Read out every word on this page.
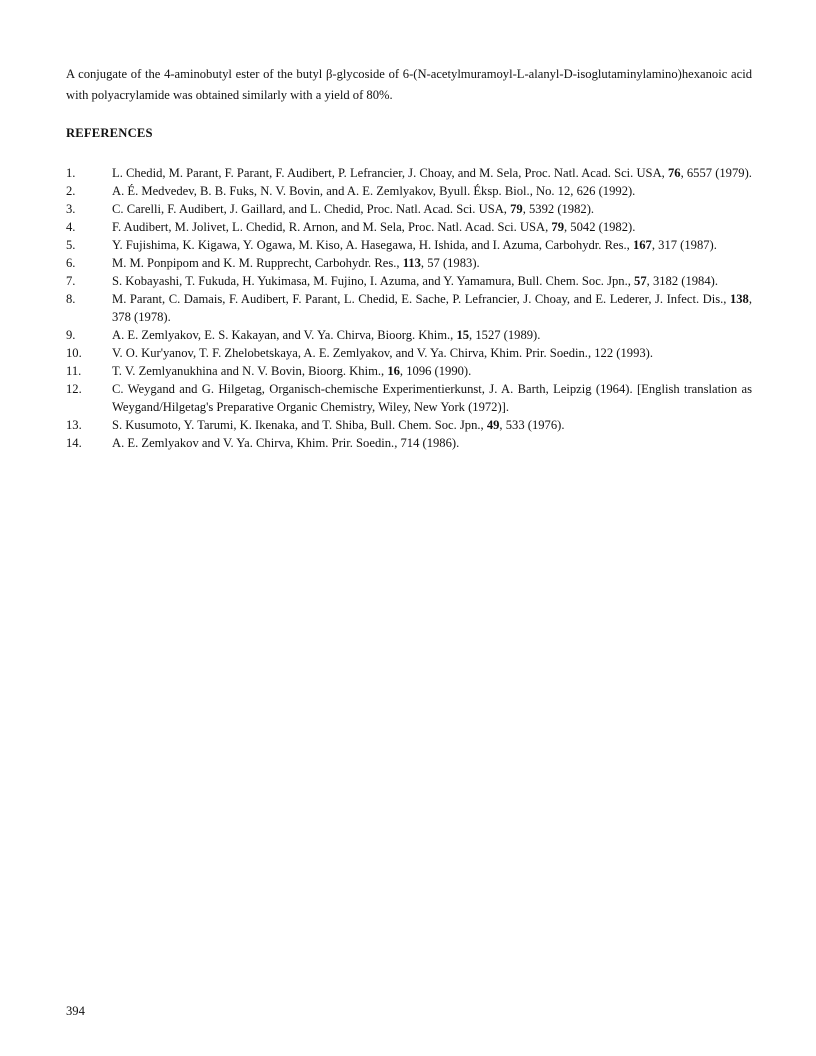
A conjugate of the 4-aminobutyl ester of the butyl β-glycoside of 6-(N-acetylmuramoyl-L-alanyl-D-isoglutaminylamino)hexanoic acid with polyacrylamide was obtained similarly with a yield of 80%.

REFERENCES
1.	L. Chedid, M. Parant, F. Parant, F. Audibert, P. Lefrancier, J. Choay, and M. Sela, Proc. Natl. Acad. Sci. USA, 76, 6557 (1979).
2.	A. É. Medvedev, B. B. Fuks, N. V. Bovin, and A. E. Zemlyakov, Byull. Éksp. Biol., No. 12, 626 (1992).
3.	C. Carelli, F. Audibert, J. Gaillard, and L. Chedid, Proc. Natl. Acad. Sci. USA, 79, 5392 (1982).
4.	F. Audibert, M. Jolivet, L. Chedid, R. Arnon, and M. Sela, Proc. Natl. Acad. Sci. USA, 79, 5042 (1982).
5.	Y. Fujishima, K. Kigawa, Y. Ogawa, M. Kiso, A. Hasegawa, H. Ishida, and I. Azuma, Carbohydr. Res., 167, 317 (1987).
6.	M. M. Ponpipom and K. M. Rupprecht, Carbohydr. Res., 113, 57 (1983).
7.	S. Kobayashi, T. Fukuda, H. Yukimasa, M. Fujino, I. Azuma, and Y. Yamamura, Bull. Chem. Soc. Jpn., 57, 3182 (1984).
8.	M. Parant, C. Damais, F. Audibert, F. Parant, L. Chedid, E. Sache, P. Lefrancier, J. Choay, and E. Lederer, J. Infect. Dis., 138, 378 (1978).
9.	A. E. Zemlyakov, E. S. Kakayan, and V. Ya. Chirva, Bioorg. Khim., 15, 1527 (1989).
10.	V. O. Kur'yanov, T. F. Zhelobetskaya, A. E. Zemlyakov, and V. Ya. Chirva, Khim. Prir. Soedin., 122 (1993).
11.	T. V. Zemlyanukhina and N. V. Bovin, Bioorg. Khim., 16, 1096 (1990).
12.	C. Weygand and G. Hilgetag, Organisch-chemische Experimentierkunst, J. A. Barth, Leipzig (1964). [English translation as Weygand/Hilgetag's Preparative Organic Chemistry, Wiley, New York (1972)].
13.	S. Kusumoto, Y. Tarumi, K. Ikenaka, and T. Shiba, Bull. Chem. Soc. Jpn., 49, 533 (1976).
14.	A. E. Zemlyakov and V. Ya. Chirva, Khim. Prir. Soedin., 714 (1986).
394
